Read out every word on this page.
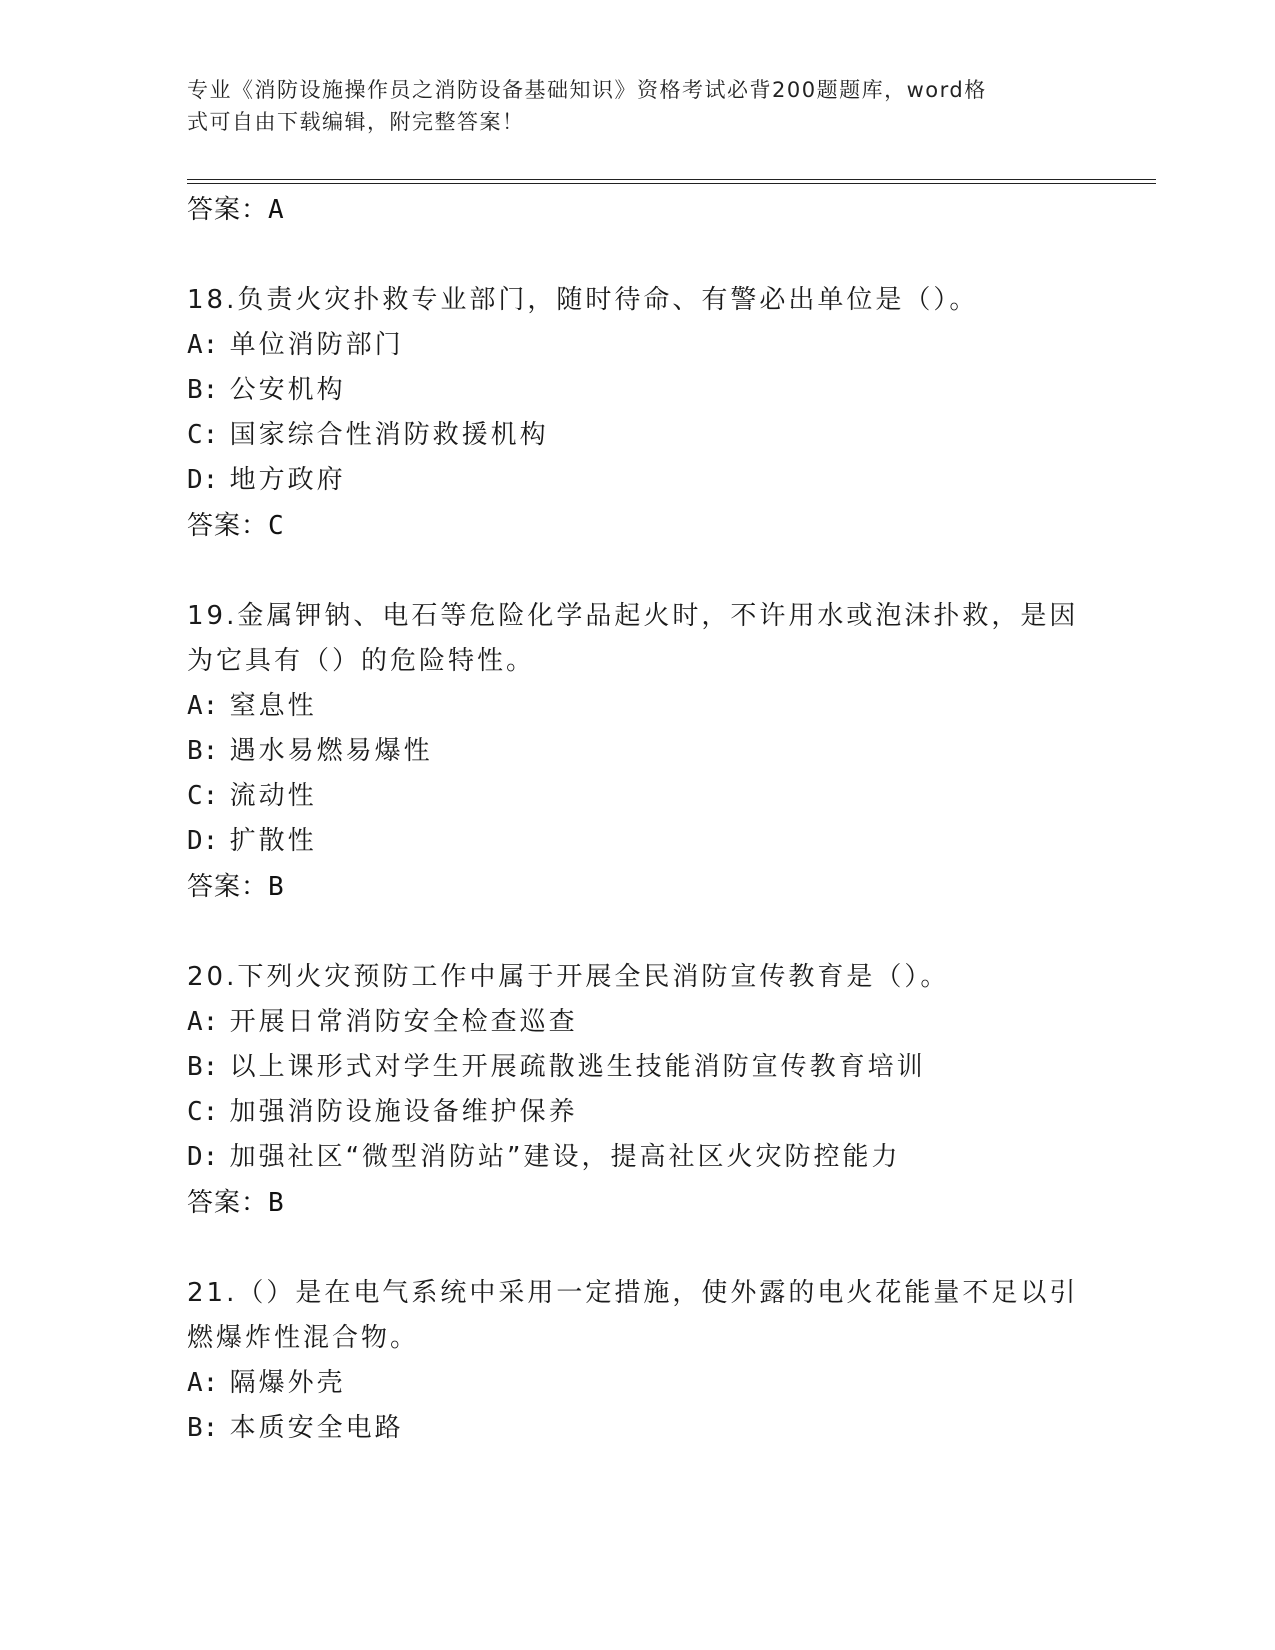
专业《消防设施操作员之消防设备基础知识》资格考试必背200题题库，word格
式可自由下载编辑，附完整答案！
答案：A
18.负责火灾扑救专业部门，随时待命、有警必出单位是（）。
A: 单位消防部门
B: 公安机构
C: 国家综合性消防救援机构
D: 地方政府
答案：C
19.金属钾钠、电石等危险化学品起火时，不许用水或泡沫扑救，是因
为它具有（）的危险特性。
A: 窒息性
B: 遇水易燃易爆性
C: 流动性
D: 扩散性
答案：B
20.下列火灾预防工作中属于开展全民消防宣传教育是（）。
A: 开展日常消防安全检查巡查
B: 以上课形式对学生开展疏散逃生技能消防宣传教育培训
C: 加强消防设施设备维护保养
D: 加强社区“微型消防站”建设，提高社区火灾防控能力
答案：B
21.（）是在电气系统中采用一定措施，使外露的电火花能量不足以引
燃爆炸性混合物。
A: 隔爆外壳
B: 本质安全电路
